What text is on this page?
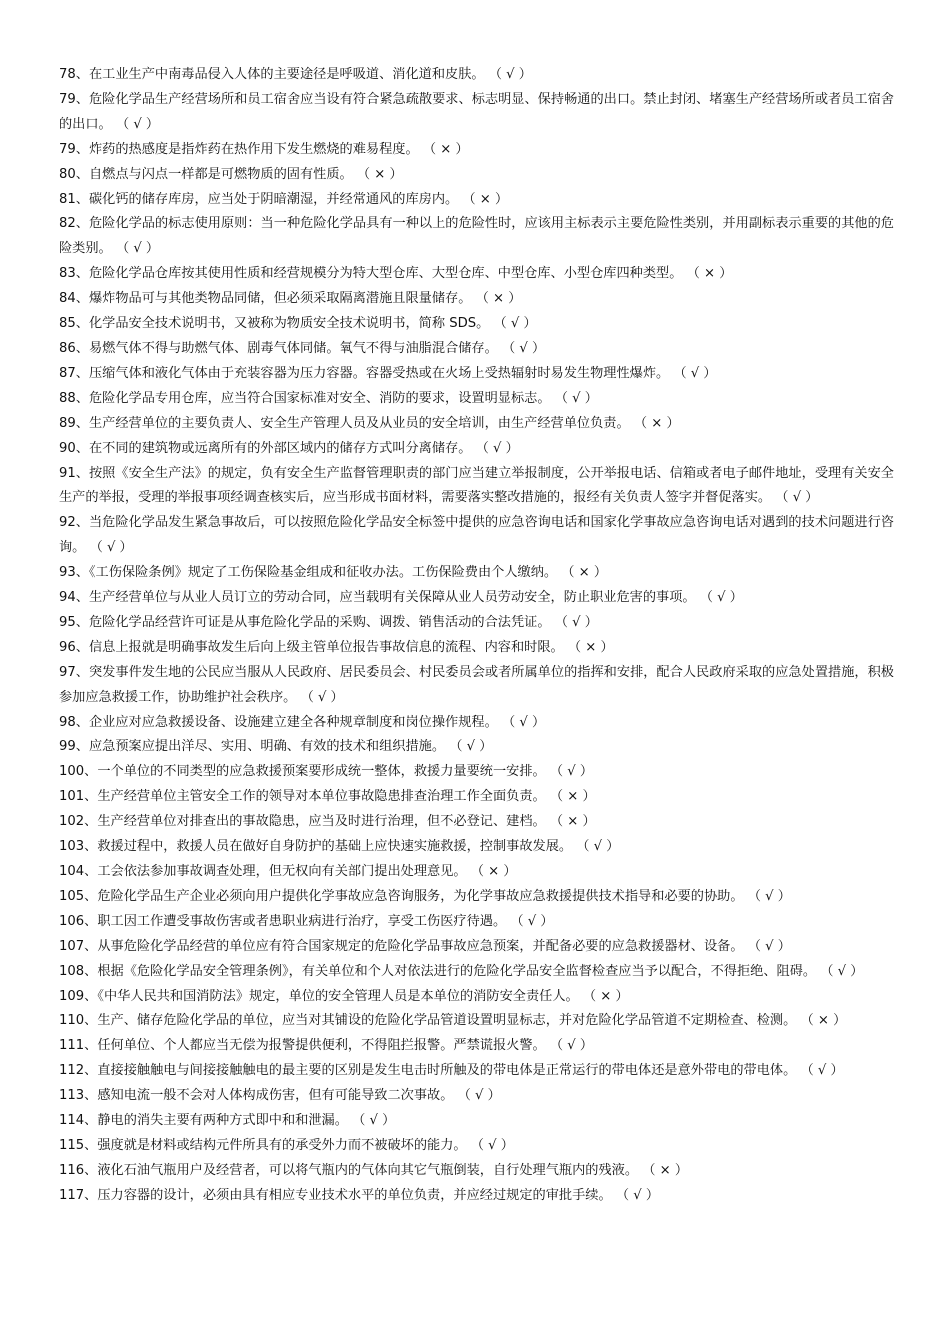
78、在工业生产中南毒品侵入人体的主要途径是呼吸道、消化道和皮肤。 （ √ ）

79、危险化学品生产经营场所和员工宿舍应当设有符合紧急疏散要求、标志明显、保持畅通的出口。禁止封闭、堵塞生产经营场所或者员工宿舍的出口。 （ √ ）

79、炸药的热感度是指炸药在热作用下发生燃烧的难易程度。 （ × ）

80、自燃点与闪点一样都是可燃物质的固有性质。 （ × ）

81、碳化钙的储存库房，应当处于阴暗潮湿，并经常通风的库房内。 （ × ）

82、危险化学品的标志使用原则：当一种危险化学品具有一种以上的危险性时，应该用主标表示主要危险性类别，并用副标表示重要的其他的危险类别。 （ √ ）

83、危险化学品仓库按其使用性质和经营规模分为特大型仓库、大型仓库、中型仓库、小型仓库四种类型。 （ × ）

84、爆炸物品可与其他类物品同储，但必须采取隔离潜施且限量储存。 （ × ）

85、化学品安全技术说明书，又被称为物质安全技术说明书，简称 SDS。 （ √ ）

86、易燃气体不得与助燃气体、剧毒气体同储。氧气不得与油脂混合储存。 （ √ ）

87、压缩气体和液化气体由于充装容器为压力容器。容器受热或在火场上受热辐射时易发生物理性爆炸。 （ √ ）

88、危险化学品专用仓库，应当符合国家标准对安全、消防的要求，设置明显标志。 （ √ ）

89、生产经营单位的主要负责人、安全生产管理人员及从业员的安全培训，由生产经营单位负责。 （ × ）

90、在不同的建筑物或远离所有的外部区域内的储存方式叫分离储存。 （ √ ）

91、按照《安全生产法》的规定，负有安全生产监督管理职责的部门应当建立举报制度，公开举报电话、信箱或者电子邮件地址，受理有关安全生产的举报，受理的举报事项经调查核实后，应当形成书面材料，需要落实整改措施的，报经有关负责人签字并督促落实。 （ √ ）

92、当危险化学品发生紧急事故后，可以按照危险化学品安全标签中提供的应急咨询电话和国家化学事故应急咨询电话对遇到的技术问题进行咨询。 （ √ ）

93、《工伤保险条例》规定了工伤保险基金组成和征收办法。工伤保险费由个人缴纳。 （ × ）

94、生产经营单位与从业人员订立的劳动合同，应当载明有关保障从业人员劳动安全，防止职业危害的事项。 （ √ ）

95、危险化学品经营许可证是从事危险化学品的采购、调拨、销售活动的合法凭证。 （ √ ）

96、信息上报就是明确事故发生后向上级主管单位报告事故信息的流程、内容和时限。 （ × ）

97、突发事件发生地的公民应当服从人民政府、居民委员会、村民委员会或者所属单位的指挥和安排，配合人民政府采取的应急处置措施，积极参加应急救援工作，协助维护社会秩序。 （ √ ）

98、企业应对应急救援设备、设施建立建全各种规章制度和岗位操作规程。 （ √ ）

99、应急预案应提出洋尽、实用、明确、有效的技术和组织措施。 （ √ ）

100、一个单位的不同类型的应急救援预案要形成统一整体，救援力量要统一安排。 （ √ ）

101、生产经营单位主管安全工作的领导对本单位事故隐患排查治理工作全面负责。 （ × ）

102、生产经营单位对排查出的事故隐患，应当及时进行治理，但不必登记、建档。 （ × ）

103、救援过程中，救援人员在做好自身防护的基础上应快速实施救援，控制事故发展。 （ √ ）

104、工会依法参加事故调查处理，但无权向有关部门提出处理意见。 （ × ）

105、危险化学品生产企业必须向用户提供化学事故应急咨询服务，为化学事故应急救援提供技术指导和必要的协助。 （ √ ）

106、职工因工作遭受事故伤害或者患职业病进行治疗，享受工伤医疗待遇。 （ √ ）

107、从事危险化学品经营的单位应有符合国家规定的危险化学品事故应急预案，并配备必要的应急救援器材、设备。 （ √ ）

108、根据《危险化学品安全管理条例》，有关单位和个人对依法进行的危险化学品安全监督检查应当予以配合，不得拒绝、阻碍。 （ √ ）

109、《中华人民共和国消防法》规定，单位的安全管理人员是本单位的消防安全责任人。 （ × ）

110、生产、储存危险化学品的单位，应当对其铺设的危险化学品管道设置明显标志，并对危险化学品管道不定期检查、检测。 （ × ）

111、任何单位、个人都应当无偿为报警提供便利，不得阻拦报警。严禁谎报火警。 （ √ ）

112、直接接触触电与间接接触触电的最主要的区别是发生电击时所触及的带电体是正常运行的带电体还是意外带电的带电体。 （ √ ）

113、感知电流一般不会对人体构成伤害，但有可能导致二次事故。 （ √ ）

114、静电的消失主要有两种方式即中和和泄漏。 （ √ ）

115、强度就是材料或结构元件所具有的承受外力而不被破坏的能力。 （ √ ）

116、液化石油气瓶用户及经营者，可以将气瓶内的气体向其它气瓶倒装，自行处理气瓶内的残液。 （ × ）

117、压力容器的设计，必须由具有相应专业技术水平的单位负责，并应经过规定的审批手续。 （ √ ）
